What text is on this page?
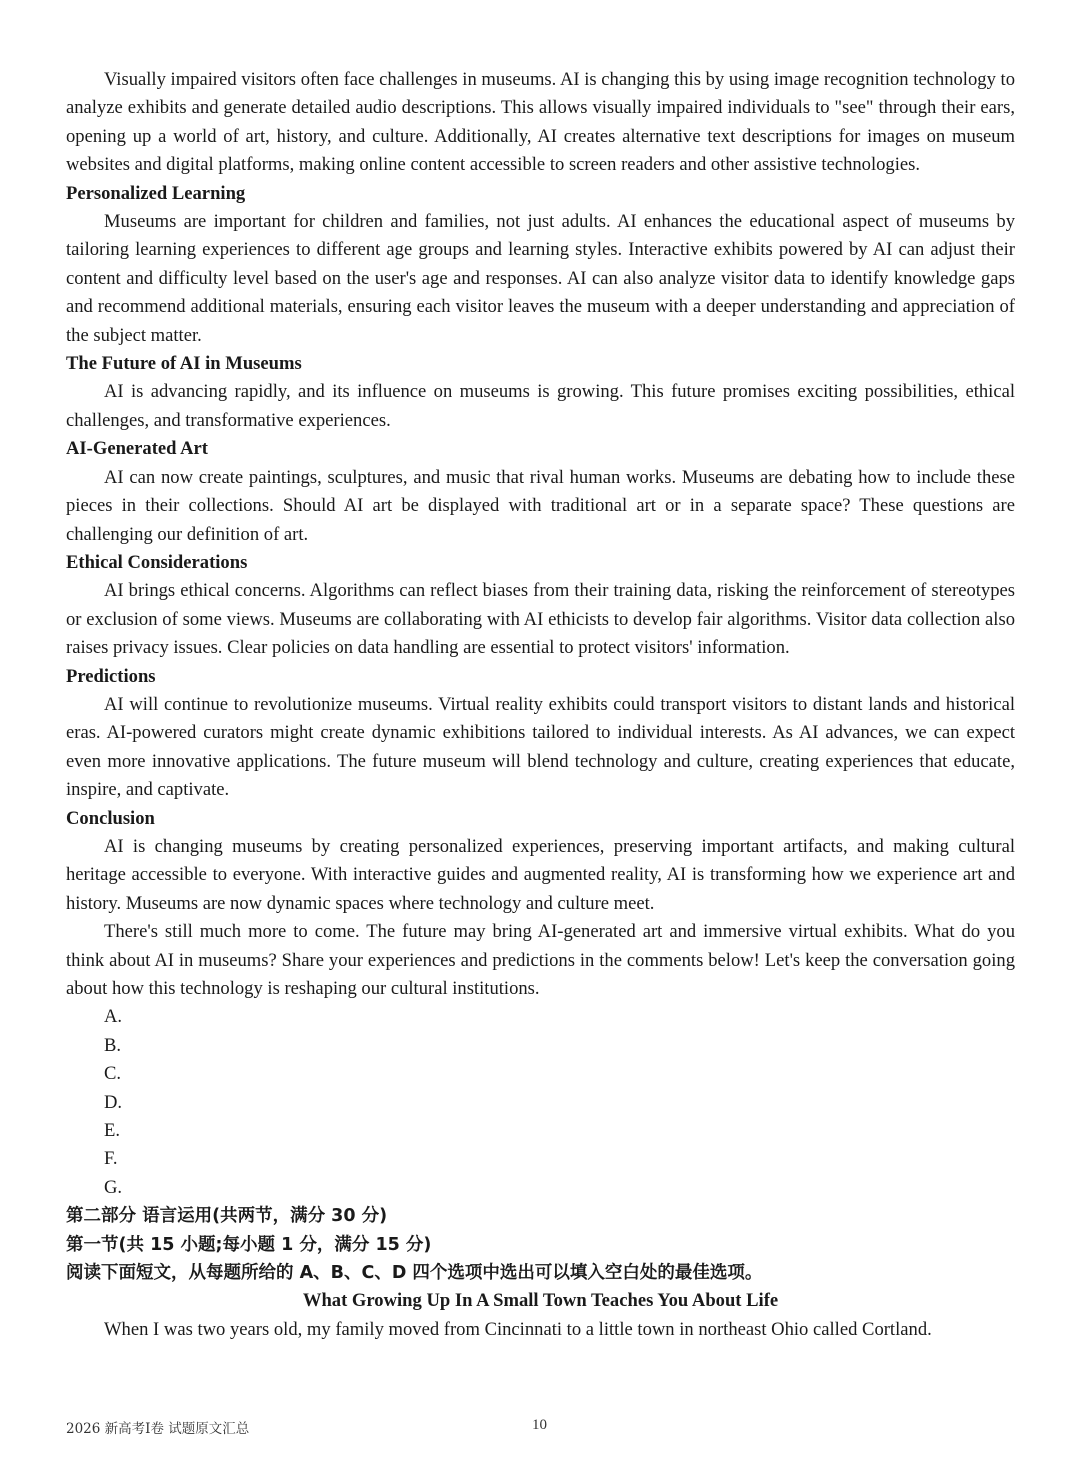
Visually impaired visitors often face challenges in museums. AI is changing this by using image recognition technology to analyze exhibits and generate detailed audio descriptions. This allows visually impaired individuals to "see" through their ears, opening up a world of art, history, and culture. Additionally, AI creates alternative text descriptions for images on museum websites and digital platforms, making online content accessible to screen readers and other assistive technologies.

Personalized Learning

Museums are important for children and families, not just adults. AI enhances the educational aspect of museums by tailoring learning experiences to different age groups and learning styles. Interactive exhibits powered by AI can adjust their content and difficulty level based on the user's age and responses. AI can also analyze visitor data to identify knowledge gaps and recommend additional materials, ensuring each visitor leaves the museum with a deeper understanding and appreciation of the subject matter.

The Future of AI in Museums

AI is advancing rapidly, and its influence on museums is growing. This future promises exciting possibilities, ethical challenges, and transformative experiences.

AI-Generated Art

AI can now create paintings, sculptures, and music that rival human works. Museums are debating how to include these pieces in their collections. Should AI art be displayed with traditional art or in a separate space? These questions are challenging our definition of art.

Ethical Considerations

AI brings ethical concerns. Algorithms can reflect biases from their training data, risking the reinforcement of stereotypes or exclusion of some views. Museums are collaborating with AI ethicists to develop fair algorithms. Visitor data collection also raises privacy issues. Clear policies on data handling are essential to protect visitors' information.

Predictions

AI will continue to revolutionize museums. Virtual reality exhibits could transport visitors to distant lands and historical eras. AI-powered curators might create dynamic exhibitions tailored to individual interests. As AI advances, we can expect even more innovative applications. The future museum will blend technology and culture, creating experiences that educate, inspire, and captivate.

Conclusion

AI is changing museums by creating personalized experiences, preserving important artifacts, and making cultural heritage accessible to everyone. With interactive guides and augmented reality, AI is transforming how we experience art and history. Museums are now dynamic spaces where technology and culture meet.

There's still much more to come. The future may bring AI-generated art and immersive virtual exhibits. What do you think about AI in museums? Share your experiences and predictions in the comments below! Let's keep the conversation going about how this technology is reshaping our cultural institutions.

A.

B.

C.

D.

E.

F.

G.

第二部分 语言运用(共两节，满分 30 分)

第一节(共 15 小题;每小题 1 分，满分 15 分)

阅读下面短文，从每题所给的 A、B、C、D 四个选项中选出可以填入空白处的最佳选项。

What Growing Up In A Small Town Teaches You About Life

When I was two years old, my family moved from Cincinnati to a little town in northeast Ohio called Cortland.

2026 新高考Ⅰ卷 试题原文汇总	10
